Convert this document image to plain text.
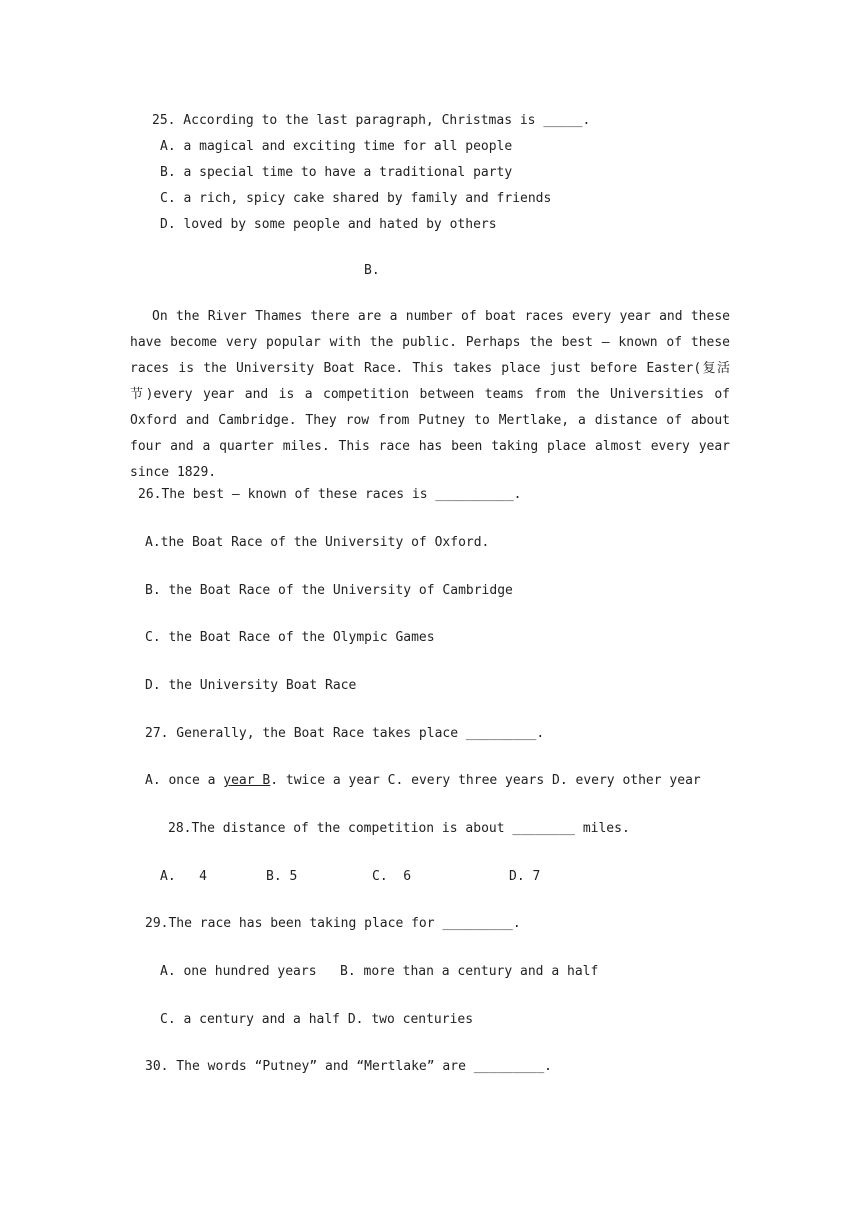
25. According to the last paragraph, Christmas is _____.
A. a magical and exciting time for all people
B. a special time to have a traditional party
C. a rich, spicy cake shared by family and friends
D. loved by some people and hated by others
B.
On the River Thames there are a number of boat races every year and these have become very popular with the public. Perhaps the best – known of these races is the University Boat Race. This takes place just before Easter(复活节)every year and is a competition between teams from the Universities of Oxford and Cambridge. They row from Putney to Mertlake, a distance of about four and a quarter miles. This race has been taking place almost every year since 1829.
26.The best – known of these races is __________.
A.the Boat Race of the University of Oxford.
B. the Boat Race of the University of Cambridge
C. the Boat Race of the Olympic Games
D. the University Boat Race
27. Generally, the Boat Race takes place _________.
A. once a year B. twice a year C. every three years D. every other year
28.The distance of the competition is about ________ miles.
A.   4	B. 5	C.  6	D. 7
29.The race has been taking place for _________.
A. one hundred years   B. more than a century and a half
C. a century and a half D. two centuries
30. The words “Putney” and “Mertlake” are _________.
